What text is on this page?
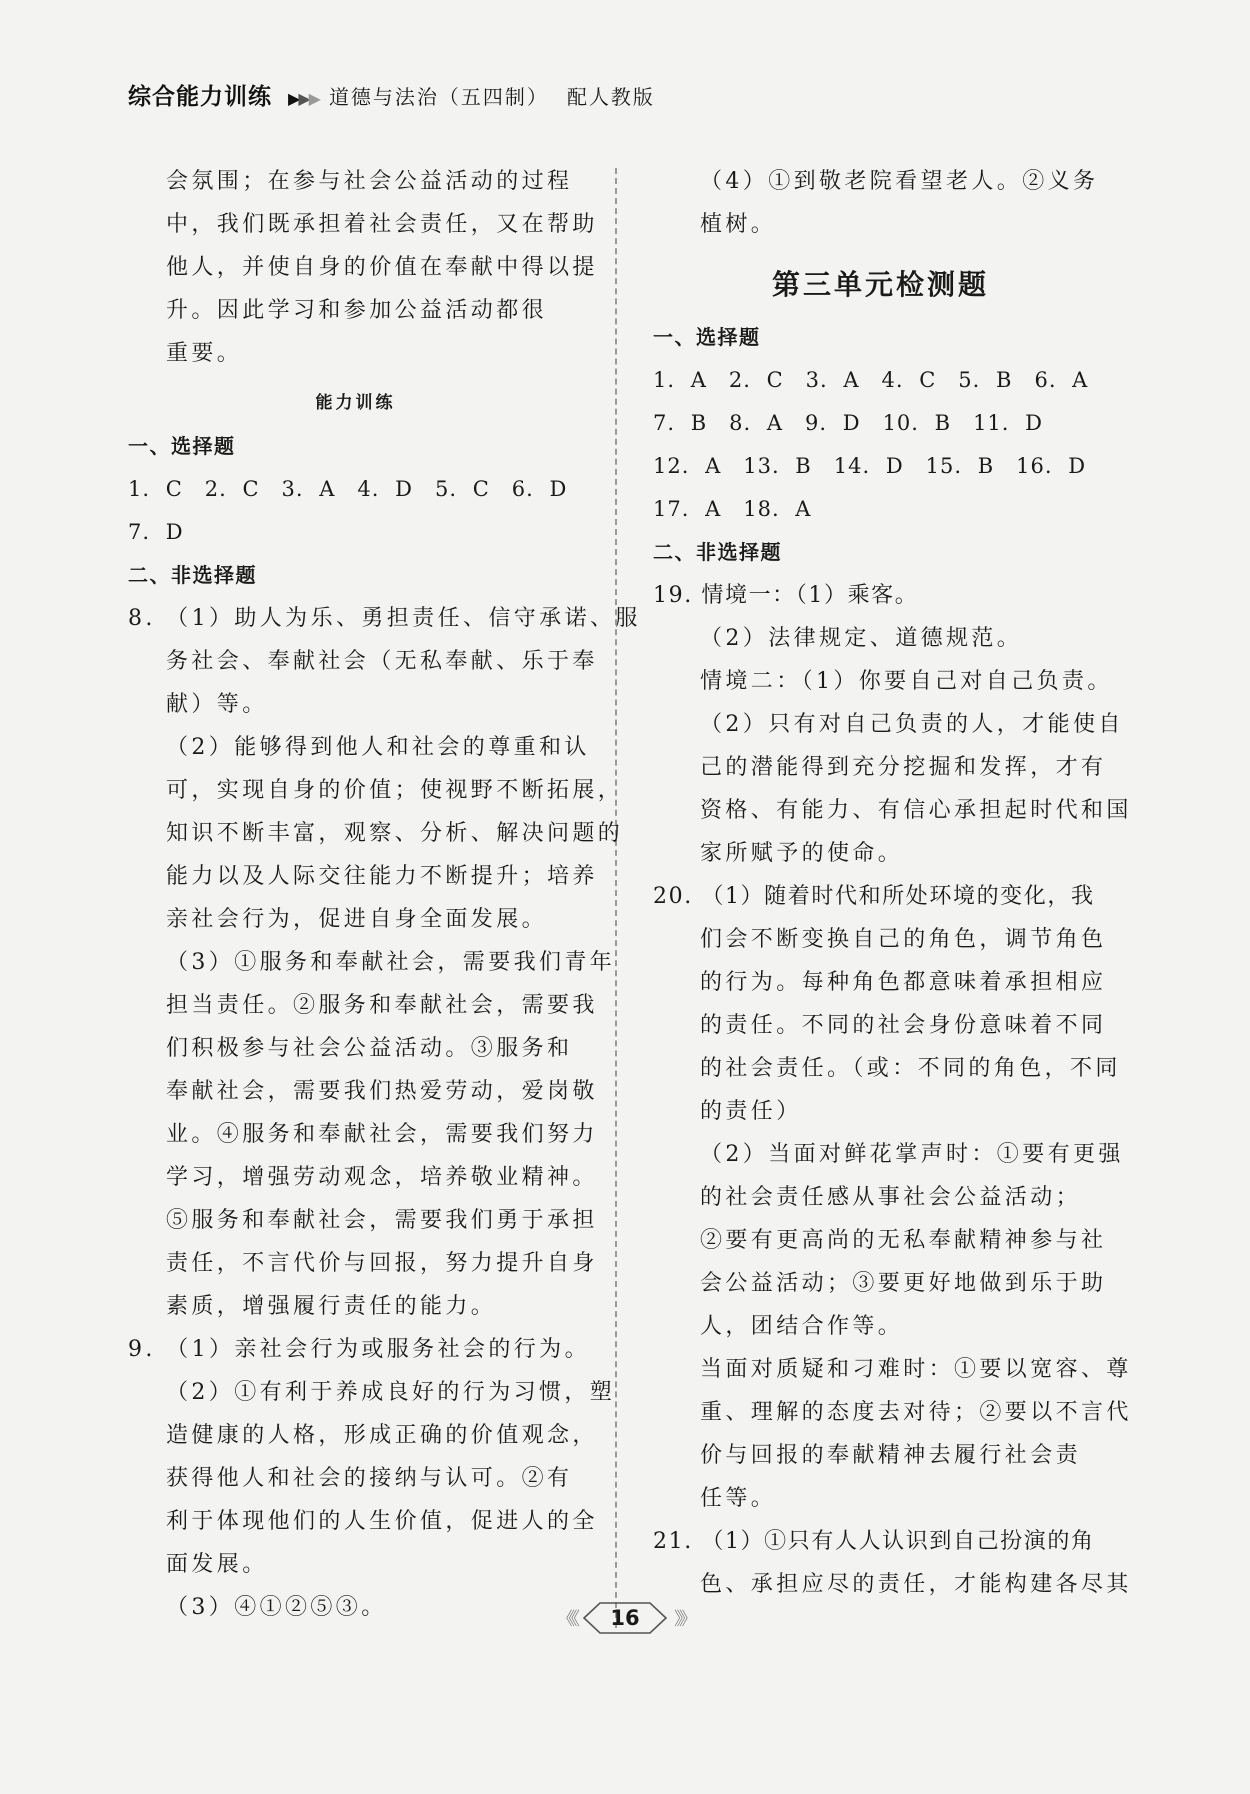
综合能力训练 ▶▶▶ 道德与法治（五四制） 配人教版
会氛围；在参与社会公益活动的过程
中，我们既承担着社会责任，又在帮助
他人，并使自身的价值在奉献中得以提
升。因此学习和参加公益活动都很
重要。
能力训练
一、选择题
1. C　2. C　3. A　4. D　5. C　6. D
7. D
二、非选择题
8. （1）助人为乐、勇担责任、信守承诺、服
务社会、奉献社会（无私奉献、乐于奉
献）等。
（2）能够得到他人和社会的尊重和认
可，实现自身的价值；使视野不断拓展，
知识不断丰富，观察、分析、解决问题的
能力以及人际交往能力不断提升；培养
亲社会行为，促进自身全面发展。
（3）①服务和奉献社会，需要我们青年
担当责任。②服务和奉献社会，需要我
们积极参与社会公益活动。③服务和
奉献社会，需要我们热爱劳动，爱岗敬
业。④服务和奉献社会，需要我们努力
学习，增强劳动观念，培养敬业精神。
⑤服务和奉献社会，需要我们勇于承担
责任，不言代价与回报，努力提升自身
素质，增强履行责任的能力。
9. （1）亲社会行为或服务社会的行为。
（2）①有利于养成良好的行为习惯，塑
造健康的人格，形成正确的价值观念，
获得他人和社会的接纳与认可。②有
利于体现他们的人生价值，促进人的全
面发展。
（3）④①②⑤③。
（4）①到敬老院看望老人。②义务
植树。
第三单元检测题
一、选择题
1. A　2. C　3. A　4. C　5. B　6. A
7. B　8. A　9. D　10. B　11. D
12. A　13. B　14. D　15. B　16. D
17. A　18. A
二、非选择题
19. 情境一：（1）乘客。
（2）法律规定、道德规范。
情境二：（1）你要自己对自己负责。
（2）只有对自己负责的人，才能使自
己的潜能得到充分挖掘和发挥，才有
资格、有能力、有信心承担起时代和国
家所赋予的使命。
20. （1）随着时代和所处环境的变化，我
们会不断变换自己的角色，调节角色
的行为。每种角色都意味着承担相应
的责任。不同的社会身份意味着不同
的社会责任。（或：不同的角色，不同
的责任）
（2）当面对鲜花掌声时：①要有更强
的社会责任感从事社会公益活动；
②要有更高尚的无私奉献精神参与社
会公益活动；③要更好地做到乐于助
人，团结合作等。
当面对质疑和刁难时：①要以宽容、尊
重、理解的态度去对待；②要以不言代
价与回报的奉献精神去履行社会责
任等。
21. （1）①只有人人认识到自己扮演的角
色、承担应尽的责任，才能构建各尽其
《《 16 》》
